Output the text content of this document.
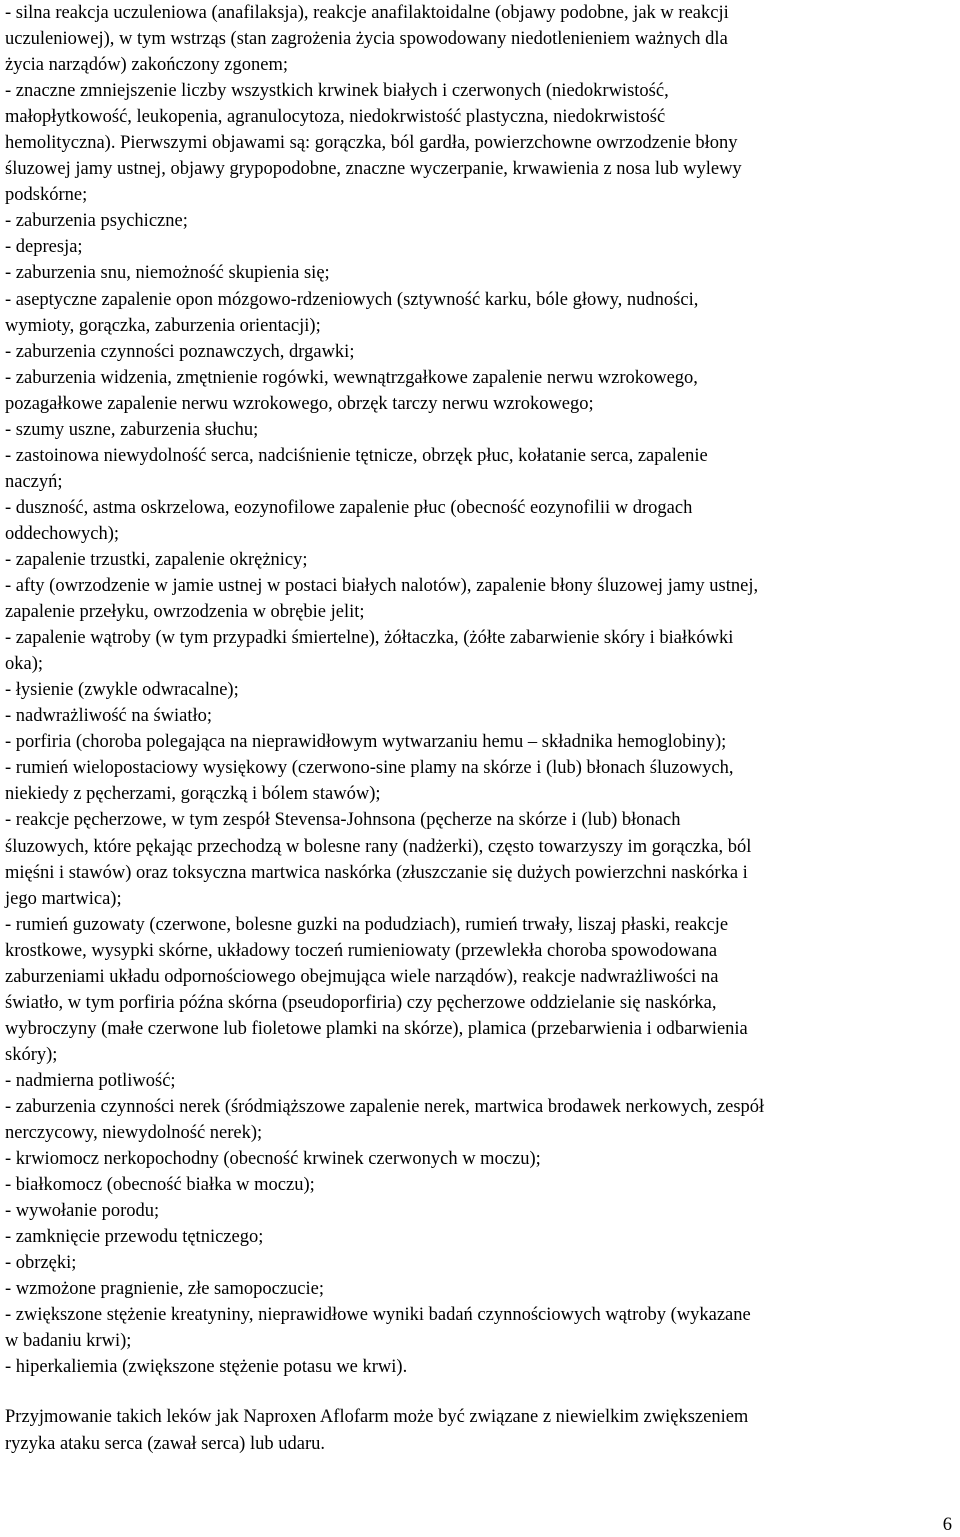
- silna reakcja uczuleniowa (anafilaksja), reakcje anafilaktoidalne (objawy podobne, jak w reakcji
uczuleniowej), w tym wstrząs (stan zagrożenia życia spowodowany niedotlenieniem ważnych dla
życia narządów) zakończony zgonem;
- znaczne zmniejszenie liczby wszystkich krwinek białych i czerwonych (niedokrwistość,
małopłytkowość, leukopenia, agranulocytoza, niedokrwistość plastyczna, niedokrwistość
hemolityczna). Pierwszymi objawami są: gorączka, ból gardła, powierzchowne owrzodzenie błony
śluzowej jamy ustnej, objawy grypopodobne, znaczne wyczerpanie, krwawienia z nosa lub wylewy
podskórne;
- zaburzenia psychiczne;
- depresja;
- zaburzenia snu, niemożność skupienia się;
- aseptyczne zapalenie opon mózgowo-rdzeniowych (sztywność karku, bóle głowy, nudności,
wymioty, gorączka, zaburzenia orientacji);
- zaburzenia czynności poznawczych, drgawki;
- zaburzenia widzenia, zmętnienie rogówki, wewnątrzgałkowe zapalenie nerwu wzrokowego,
pozagałkowe zapalenie nerwu wzrokowego, obrzęk tarczy nerwu wzrokowego;
- szumy uszne, zaburzenia słuchu;
- zastoinowa niewydolność serca, nadciśnienie tętnicze, obrzęk płuc, kołatanie serca, zapalenie
naczyń;
- duszność, astma oskrzelowa, eozynofilowe zapalenie płuc (obecność eozynofilii w drogach
oddechowych);
- zapalenie trzustki, zapalenie okrężnicy;
- afty (owrzodzenie w jamie ustnej w postaci białych nalotów), zapalenie błony śluzowej jamy ustnej,
zapalenie przełyku, owrzodzenia w obrębie jelit;
- zapalenie wątroby (w tym przypadki śmiertelne), żółtaczka, (żółte zabarwienie skóry i białkówki
oka);
- łysienie (zwykle odwracalne);
- nadwrażliwość na światło;
- porfiria (choroba polegająca na nieprawidłowym wytwarzaniu hemu – składnika hemoglobiny);
- rumień wielopostaciowy wysiękowy (czerwono-sine plamy na skórze i (lub) błonach śluzowych,
niekiedy z pęcherzami, gorączką i bólem stawów);
- reakcje pęcherzowe, w tym zespół Stevensa-Johnsona (pęcherze na skórze i (lub) błonach
śluzowych, które pękając przechodzą w bolesne rany (nadżerki), często towarzyszy im gorączka, ból
mięśni i stawów) oraz toksyczna martwica naskórka (złuszczanie się dużych powierzchni naskórka i
jego martwica);
- rumień guzowaty (czerwone, bolesne guzki na podudziach), rumień trwały, liszaj płaski, reakcje
krostkowe, wysypki skórne, układowy toczeń rumieniowaty (przewlekła choroba spowodowana
zaburzeniami układu odpornościowego obejmująca wiele narządów), reakcje nadwrażliwości na
światło, w tym porfiria późna skórna (pseudoporfiria) czy pęcherzowe oddzielanie się naskórka,
wybroczyny (małe czerwone lub fioletowe plamki na skórze), plamica (przebarwienia i odbarwienia
skóry);
- nadmierna potliwość;
- zaburzenia czynności nerek (śródmiąższowe zapalenie nerek, martwica brodawek nerkowych, zespół
nerczycowy, niewydolność nerek);
- krwiomocz nerkopochodny (obecność krwinek czerwonych w moczu);
- białkomocz (obecność białka w moczu);
- wywołanie porodu;
- zamknięcie przewodu tętniczego;
- obrzęki;
- wzmożone pragnienie, złe samopoczucie;
- zwiększone stężenie kreatyniny, nieprawidłowe wyniki badań czynnościowych wątroby (wykazane
w badaniu krwi);
- hiperkaliemia (zwiększone stężenie potasu we krwi).
Przyjmowanie takich leków jak Naproxen Aflofarm może być związane z niewielkim zwiększeniem
ryzyka ataku serca (zawał serca) lub udaru.
6
